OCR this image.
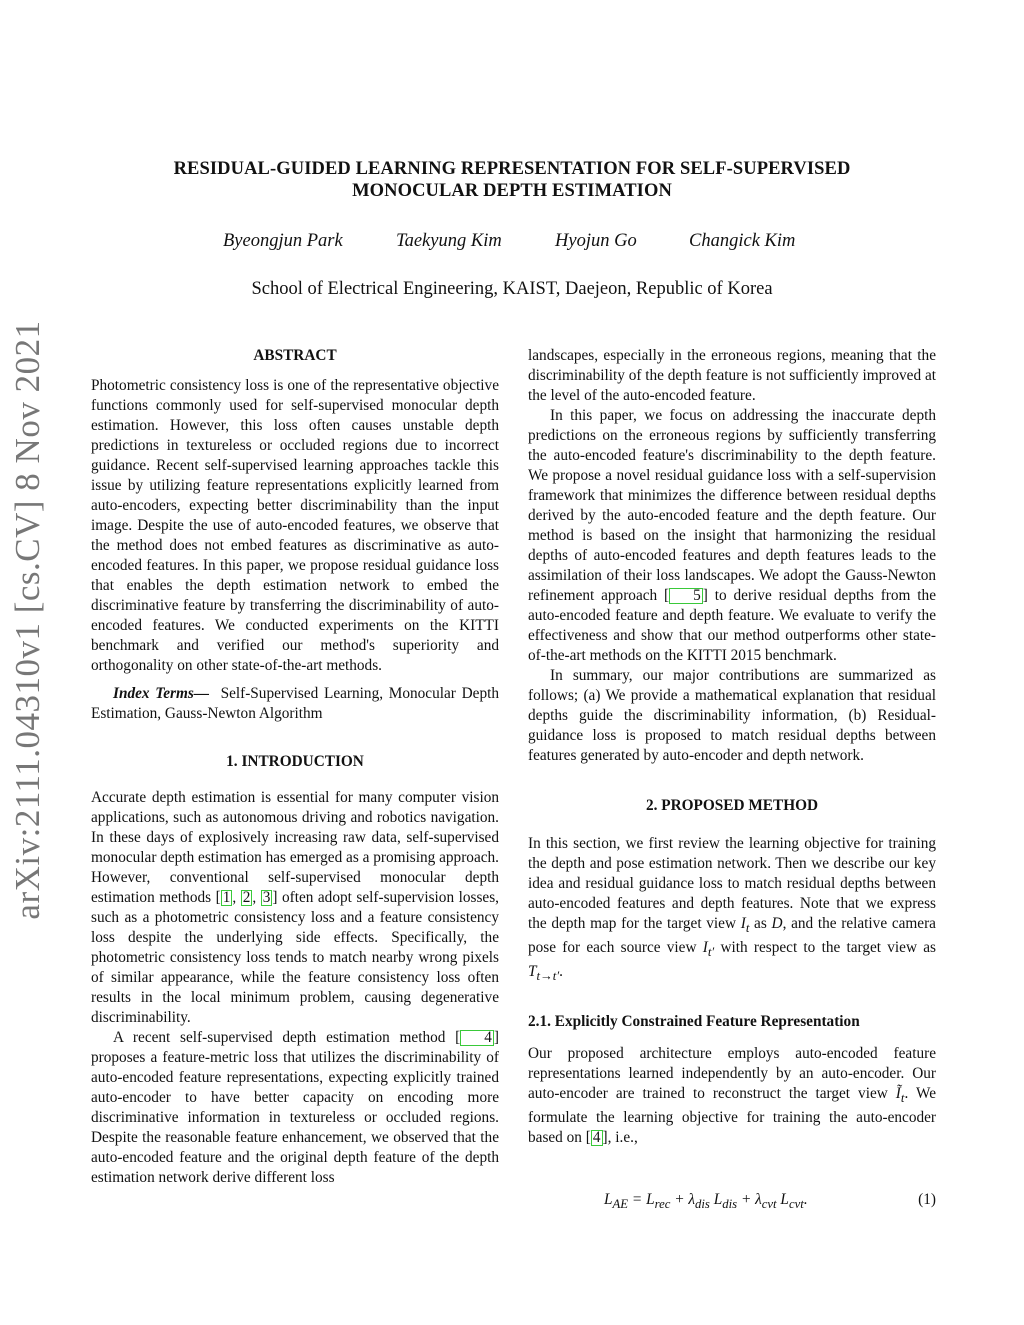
arXiv:2111.04310v1 [cs.CV] 8 Nov 2021
RESIDUAL-GUIDED LEARNING REPRESENTATION FOR SELF-SUPERVISED
MONOCULAR DEPTH ESTIMATION
Byeongjun Park	Taekyung Kim	Hyojun Go	Changick Kim
School of Electrical Engineering, KAIST, Daejeon, Republic of Korea
ABSTRACT

Photometric consistency loss is one of the representative objective functions commonly used for self-supervised monocular depth estimation. However, this loss often causes unstable depth predictions in textureless or occluded regions due to incorrect guidance. Recent self-supervised learning approaches tackle this issue by utilizing feature representations explicitly learned from auto-encoders, expecting better discriminability than the input image. Despite the use of auto-encoded features, we observe that the method does not embed features as discriminative as auto-encoded features. In this paper, we propose residual guidance loss that enables the depth estimation network to embed the discriminative feature by transferring the discriminability of auto-encoded features. We conducted experiments on the KITTI benchmark and verified our method's superiority and orthogonality on other state-of-the-art methods.

Index Terms— Self-Supervised Learning, Monocular Depth Estimation, Gauss-Newton Algorithm

1. INTRODUCTION

Accurate depth estimation is essential for many computer vision applications, such as autonomous driving and robotics navigation. In these days of explosively increasing raw data, self-supervised monocular depth estimation has emerged as a promising approach. However, conventional self-supervised monocular depth estimation methods [ 1 , 2 , 3 ] often adopt self-supervision losses, such as a photometric consistency loss and a feature consistency loss despite the underlying side effects. Specifically, the photometric consistency loss tends to match nearby wrong pixels of similar appearance, while the feature consistency loss often results in the local minimum problem, causing degenerative discriminability.

A recent self-supervised depth estimation method [ 4 ] proposes a feature-metric loss that utilizes the discriminability of auto-encoded feature representations, expecting explicitly trained auto-encoder to have better capacity on encoding more discriminative information in textureless or occluded regions. Despite the reasonable feature enhancement, we observed that the auto-encoded feature and the original depth feature of the depth estimation network derive different loss

landscapes, especially in the erroneous regions, meaning that the discriminability of the depth feature is not sufficiently improved at the level of the auto-encoded feature.

In this paper, we focus on addressing the inaccurate depth predictions on the erroneous regions by sufficiently transferring the auto-encoded feature's discriminability to the depth feature. We propose a novel residual guidance loss with a self-supervision framework that minimizes the difference between residual depths derived by the auto-encoded feature and the depth feature. Our method is based on the insight that harmonizing the residual depths of auto-encoded features and depth features leads to the assimilation of their loss landscapes. We adopt the Gauss-Newton refinement approach [ 5 ] to derive residual depths from the auto-encoded feature and depth feature. We evaluate to verify the effectiveness and show that our method outperforms other state-of-the-art methods on the KITTI 2015 benchmark.

In summary, our major contributions are summarized as follows; (a) We provide a mathematical explanation that residual depths guide the discriminability information, (b) Residual-guidance loss is proposed to match residual depths between features generated by auto-encoder and depth network.

2. PROPOSED METHOD

In this section, we first review the learning objective for training the depth and pose estimation network. Then we describe our key idea and residual guidance loss to match residual depths between auto-encoded features and depth features. Note that we express the depth map for the target view $I_t$ as D, and the relative camera pose for each source view $I_{t'}$ with respect to the target view as $T_{t\to t'}$.

2.1. Explicitly Constrained Feature Representation

Our proposed architecture employs auto-encoded feature representations learned independently by an auto-encoder. Our auto-encoder are trained to reconstruct the target view $Ĩ_t$. We formulate the learning objective for training the auto-encoder based on [ 4 ], i.e.,

$L_{AE} = L_{rec} + \lambda_{dis}$ $L_{dis} + \lambda_{cvt}$ $L_{cvt}$.	(1)
